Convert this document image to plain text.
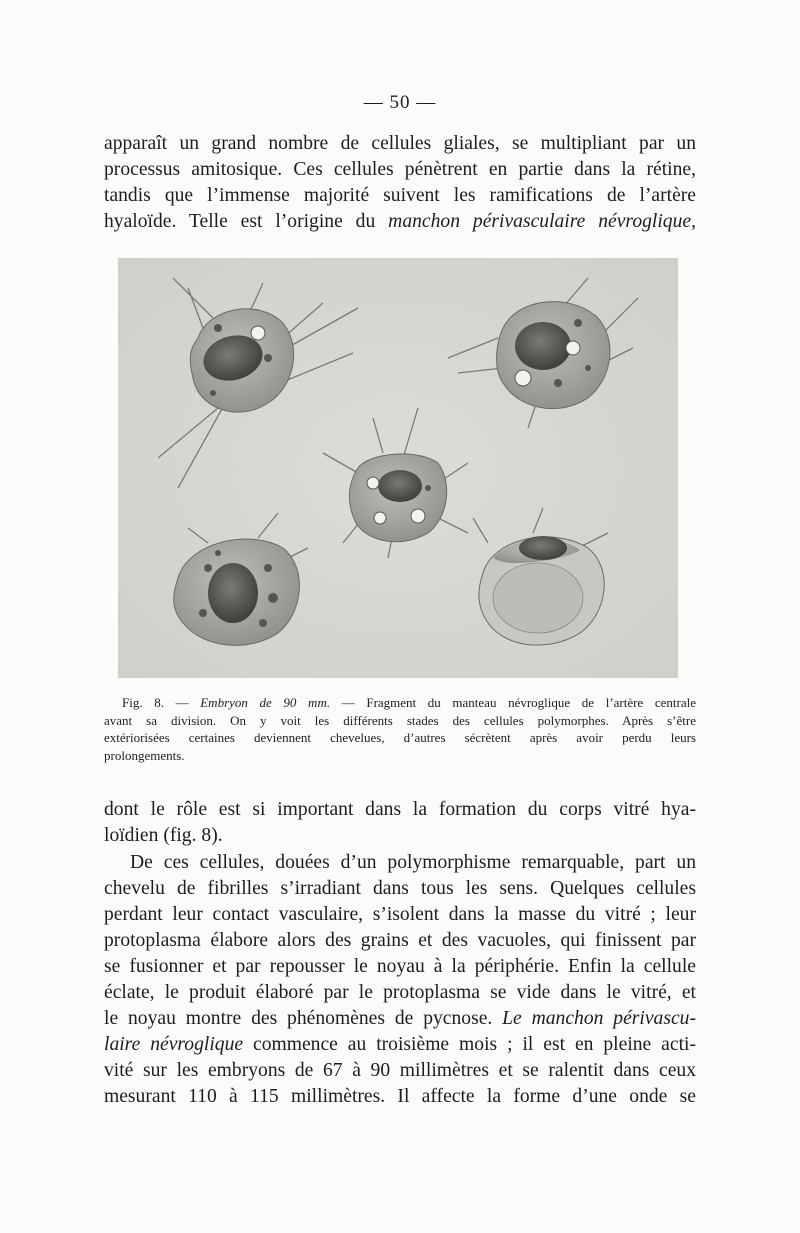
— 50 —

apparaît un grand nombre de cellules gliales, se multipliant par un
processus amitosique. Ces cellules pénètrent en partie dans la rétine,
tandis que l’immense majorité suivent les ramifications de l’artère
hyaloïde. Telle est l’origine du manchon périvasculaire névroglique,

Fig. 8. — Embryon de 90 mm. — Fragment du manteau névroglique de l’artère centrale
avant sa division. On y voit les différents stades des cellules polymorphes. Après s’être
extériorisées certaines deviennent chevelues, d’autres sécrètent après avoir perdu leurs
prolongements.

dont le rôle est si important dans la formation du corps vitré hya-
loïdien (fig. 8).

De ces cellules, douées d’un polymorphisme remarquable, part un
chevelu de fibrilles s’irradiant dans tous les sens. Quelques cellules
perdant leur contact vasculaire, s’isolent dans la masse du vitré ; leur
protoplasma élabore alors des grains et des vacuoles, qui finissent par
se fusionner et par repousser le noyau à la périphérie. Enfin la cellule
éclate, le produit élaboré par le protoplasma se vide dans le vitré, et
le noyau montre des phénomènes de pycnose. Le manchon périvascu-
laire névroglique commence au troisième mois ; il est en pleine acti-
vité sur les embryons de 67 à 90 millimètres et se ralentit dans ceux
mesurant 110 à 115 millimètres. Il affecte la forme d’une onde se
